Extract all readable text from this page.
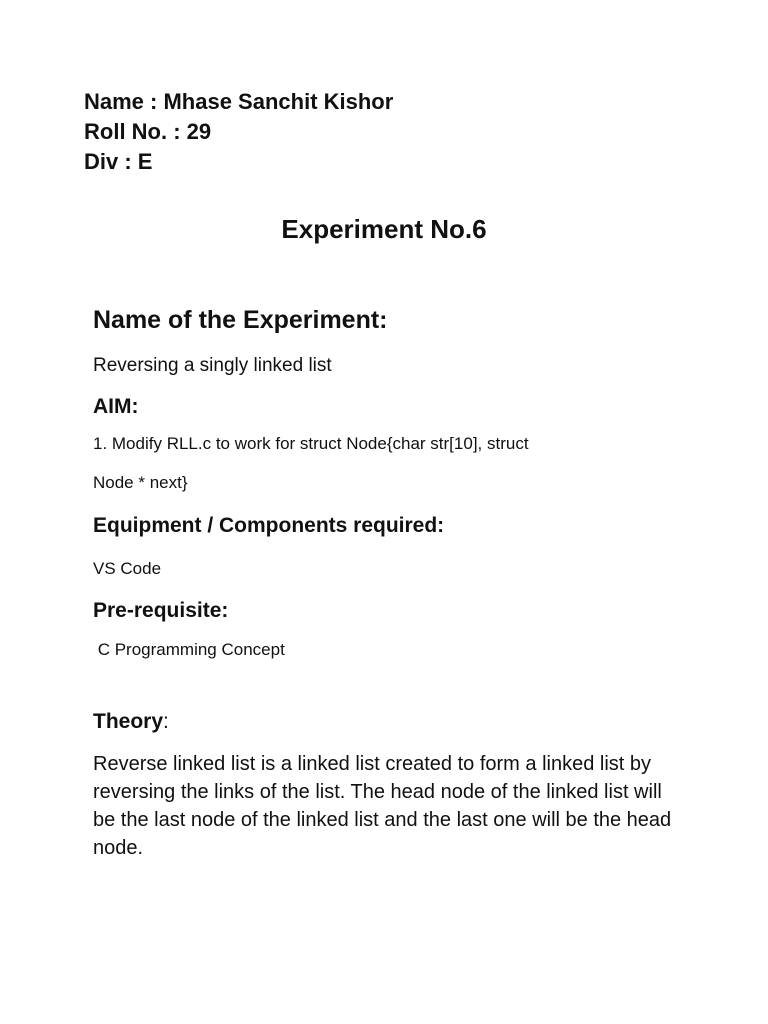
Name : Mhase Sanchit Kishor
Roll No. : 29
Div : E
Experiment No.6
Name of the Experiment:
Reversing a singly linked list
AIM:
1. Modify RLL.c to work for struct Node{char str[10], struct
Node * next}
Equipment / Components required:
VS Code
Pre-requisite:
C Programming Concept
Theory:
Reverse linked list is a linked list created to form a linked list by reversing the links of the list. The head node of the linked list will be the last node of the linked list and the last one will be the head node.
